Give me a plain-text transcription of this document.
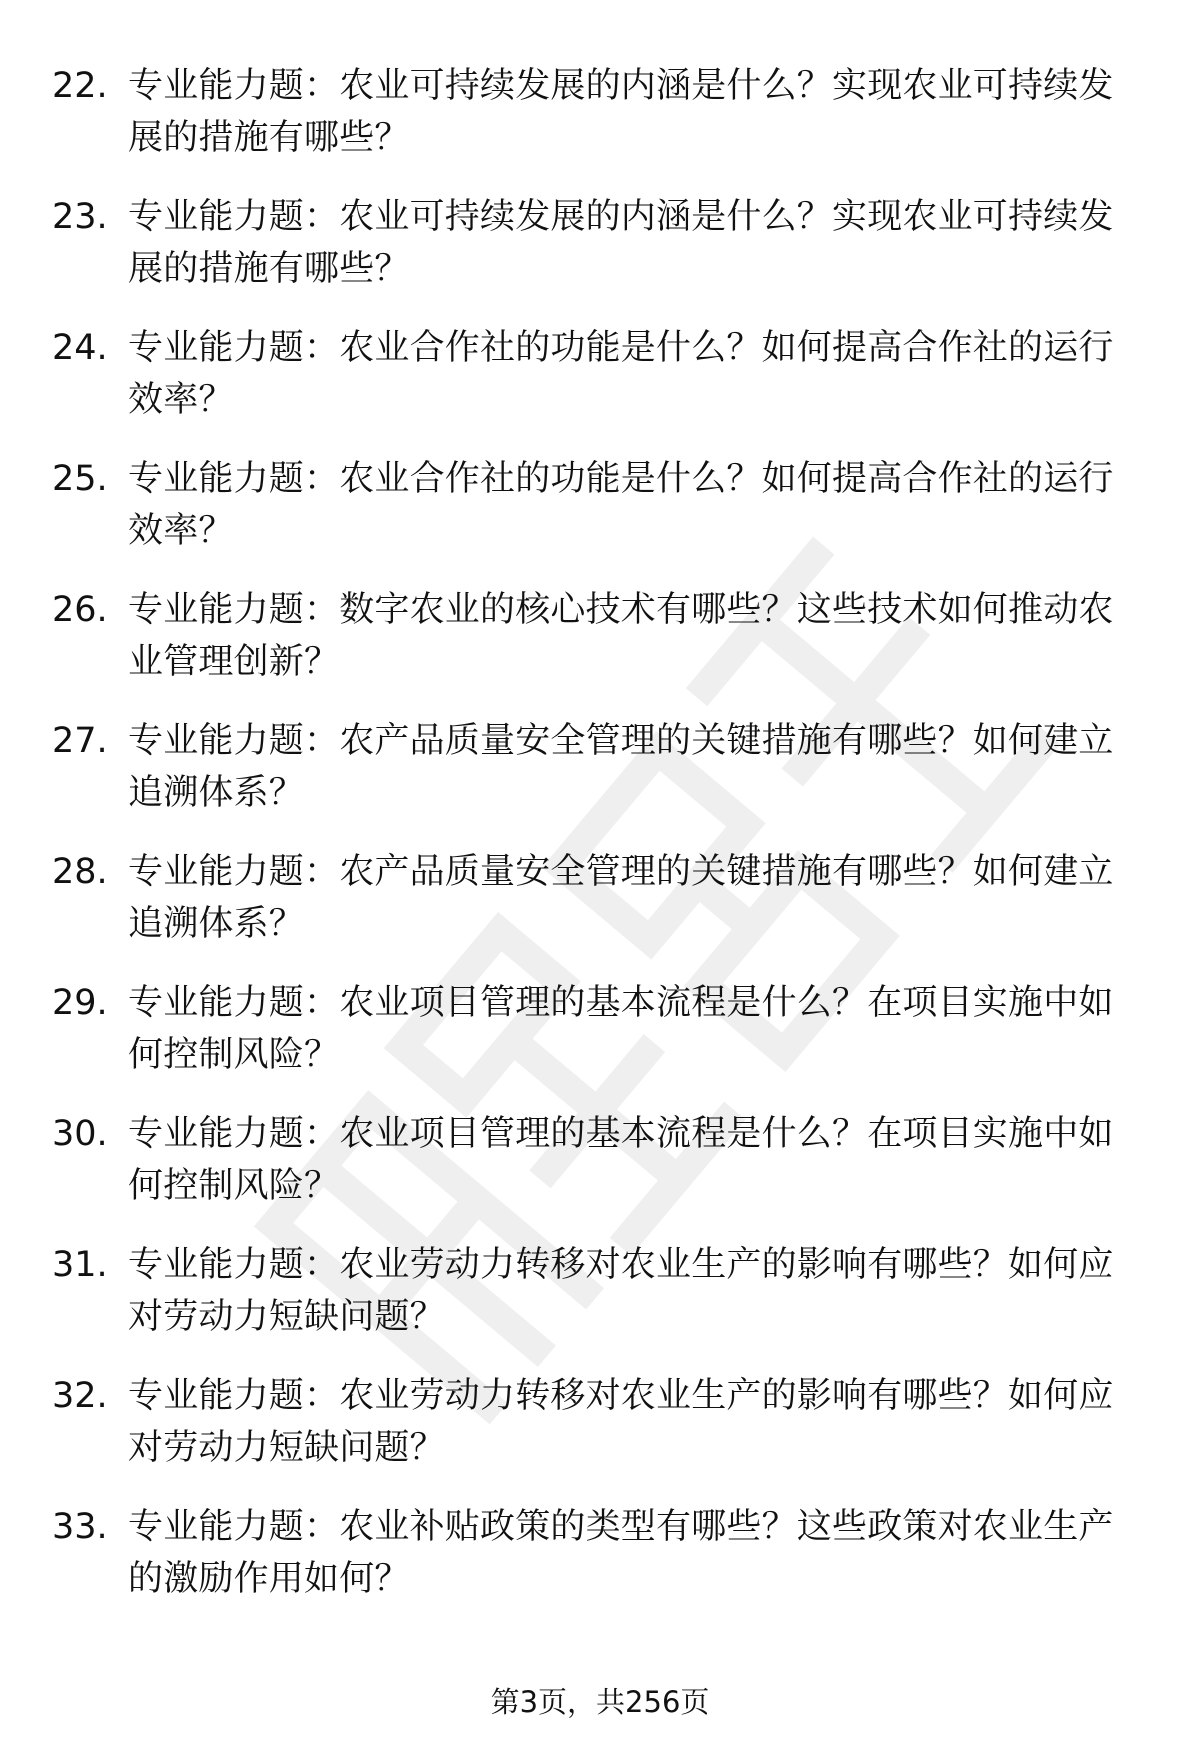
22. 专业能力题：农业可持续发展的内涵是什么？实现农业可持续发展的措施有哪些？
23. 专业能力题：农业可持续发展的内涵是什么？实现农业可持续发展的措施有哪些？
24. 专业能力题：农业合作社的功能是什么？如何提高合作社的运行效率？
25. 专业能力题：农业合作社的功能是什么？如何提高合作社的运行效率？
26. 专业能力题：数字农业的核心技术有哪些？这些技术如何推动农业管理创新？
27. 专业能力题：农产品质量安全管理的关键措施有哪些？如何建立追溯体系？
28. 专业能力题：农产品质量安全管理的关键措施有哪些？如何建立追溯体系？
29. 专业能力题：农业项目管理的基本流程是什么？在项目实施中如何控制风险？
30. 专业能力题：农业项目管理的基本流程是什么？在项目实施中如何控制风险？
31. 专业能力题：农业劳动力转移对农业生产的影响有哪些？如何应对劳动力短缺问题？
32. 专业能力题：农业劳动力转移对农业生产的影响有哪些？如何应对劳动力短缺问题？
33. 专业能力题：农业补贴政策的类型有哪些？这些政策对农业生产的激励作用如何？
第3页，共256页
